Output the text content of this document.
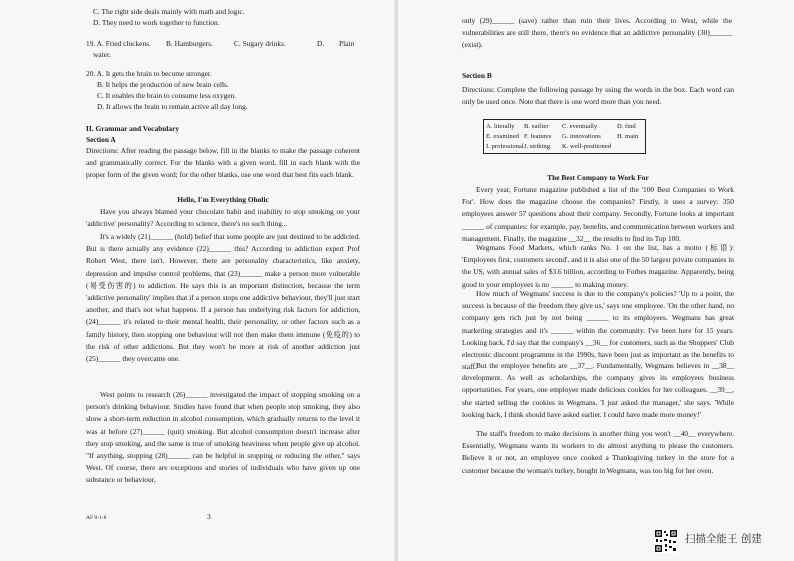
C. The right side deals mainly with math and logic.
D. They need to work together to function.
19. A. Fried chickens. B. Hamburgers.	C. Sugary drinks.	D. Plain
water.
20. A. It gets the brain to become stronger.
B. It helps the production of new brain cells.
C. It enables the brain to consume less oxygen.
D. It allows the brain to remain active all day long.
II. Grammar and Vocabulary
Section A
Directions: After reading the passage below, fill in the blanks to make the passage coherent and grammatically correct. For the blanks with a given word, fill in each blank with the proper form of the given word; for the other blanks, use one word that best fits each blank.
Hello, I'm Everything Oholic
Have you always blamed your chocolate habit and inability to stop smoking on your 'addictive' personality? According to science, there's no such thing...
It's a widely (21)______ (hold) belief that some people are just destined to be addicted. But is there actually any evidence (22)______ this? According to addiction expert Prof Robert West, there isn't. However, there are personality characteristics, like anxiety, depression and impulse control problems, that (23)______ make a person more vulnerable (易受伤害的) to addiction. He says this is an important distinction, because the term 'addictive personality' implies that if a person stops one addictive behaviour, they'll just start another, and that's not what happens. If a person has underlying risk factors for addiction, (24)______ it's related to their mental health, their personality, or other factors such as a family history, then stopping one behaviour will not then make them immune (免疫的) to the risk of other addictions. But they won't be more at risk of another addiction just (25)______ they overcame one.
West points to research (26)______ investigated the impact of stopping smoking on a person's drinking behaviour. Studies have found that when people stop smoking, they also show a short-term reduction in alcohol consumption, which gradually returns to the level it was at before (27)______ (quit) smoking. But alcohol consumption doesn't increase after they stop smoking, and the same is true of smoking heaviness when people give up alcohol. "If anything, stopping (28)______ can be helpful in stopping or reducing the other," says West. Of course, there are exceptions and stories of individuals who have given up one substance or behaviour,
AF 8-1-8	3
only (29)______ (save) rather than ruin their lives. According to West, while the vulnerabilities are still there, there's no evidence that an addictive personality (30)______ (exist).
Section B
Directions: Complete the following passage by using the words in the box. Each word can only be used once. Note that there is one word more than you need.
A. literally B. earlier C. eventually	D. find
E. examined F. features G. innovations H. main
I. professional J. striking K. well-positioned
The Best Company to Work For
Every year, Fortune magazine published a list of the '100 Best Companies to Work For'. How does the magazine choose the companies? Firstly, it uses a survey: 350 employees answer 57 questions about their company. Secondly, Fortune looks at important ______ of companies: for example, pay, benefits, and communication between workers and management. Finally, the magazine __32__ the results to find its Top 100.
Wegmans Food Markets, which ranks No. 1 on the list, has a motto (标语): 'Employees first, customers second', and it is also one of the 50 largest private companies in the US, with annual sales of $3.6 billion, according to Forbes magazine. Apparently, being good to your employees is no ______ to making money.
How much of Wegmans' success is due to the company's policies? 'Up to a point, the success is because of the freedom they give us,' says one employee. 'On the other hand, no company gets rich just by not being ______ to its employees. Wegmans has great marketing strategies and it's ______ within the community. I've been here for 15 years. Looking back, I'd say that the company's __36__ for customers, such as the Shoppers' Club electronic discount programme in the 1990s, have been just as important as the benefits to staff.'
But the employee benefits are __37__. Fundamentally, Wegmans believes in __38__ development. As well as scholarships, the company gives its employees business opportunities. For years, one employee made delicious cookies for her colleagues. __39__, she started selling the cookies in Wegmans. 'I just asked the manager,' she says. 'While looking back, I think should have asked earlier. I could have made more money!'
The staff's freedom to make decisions is another thing you won't __40__ everywhere. Essentially, Wegmans wants its workers to do almost anything to please the customers. Believe it or not, an employee once cooked a Thanksgiving turkey in the store for a customer because the woman's turkey, bought in Wegmans, was too big for her oven.
扫描全能王 创建
